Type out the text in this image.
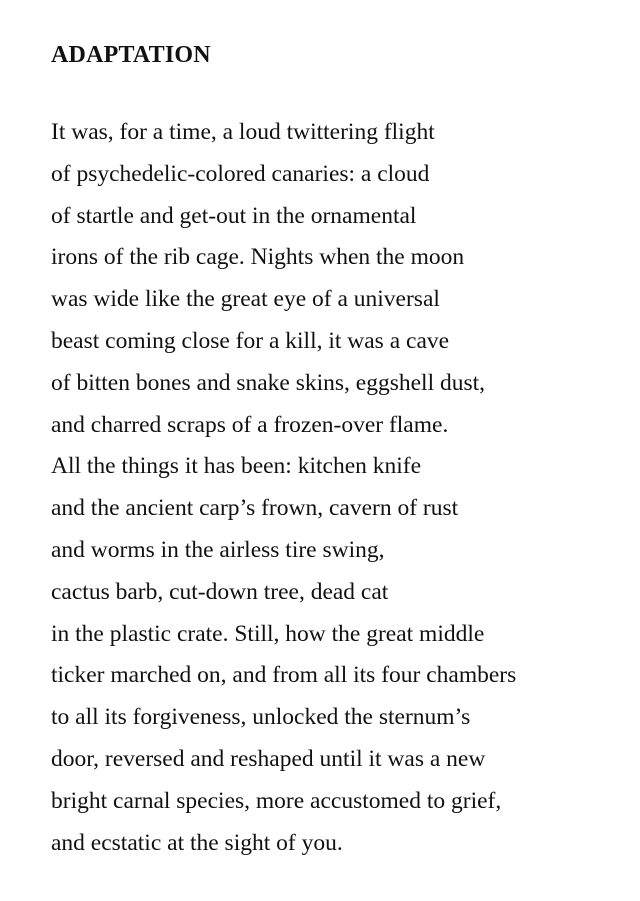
ADAPTATION
It was, for a time, a loud twittering flight
of psychedelic-colored canaries: a cloud
of startle and get-out in the ornamental
irons of the rib cage. Nights when the moon
was wide like the great eye of a universal
beast coming close for a kill, it was a cave
of bitten bones and snake skins, eggshell dust,
and charred scraps of a frozen-over flame.
All the things it has been: kitchen knife
and the ancient carp’s frown, cavern of rust
and worms in the airless tire swing,
cactus barb, cut-down tree, dead cat
in the plastic crate. Still, how the great middle
ticker marched on, and from all its four chambers
to all its forgiveness, unlocked the sternum’s
door, reversed and reshaped until it was a new
bright carnal species, more accustomed to grief,
and ecstatic at the sight of you.
